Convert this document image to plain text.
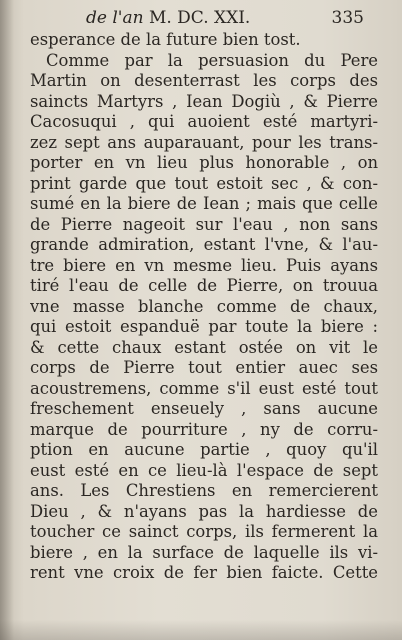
de l'an M. DC. XXI.	335
esperance de la future bien tost.
Comme par la persuasion du Pere
Martin on desenterrast les corps des
saincts Martyrs , Iean Dogiù , & Pierre
Cacosuqui , qui auoient esté martyri-
zez sept ans auparauant, pour les trans-
porter en vn lieu plus honorable , on
print garde que tout estoit sec , & con-
sumé en la biere de Iean ; mais que celle
de Pierre nageoit sur l'eau , non sans
grande admiration, estant l'vne, & l'au-
tre biere en vn mesme lieu. Puis ayans
tiré l'eau de celle de Pierre, on trouua
vne masse blanche comme de chaux,
qui estoit espanduë par toute la biere :
& cette chaux estant ostée on vit le
corps de Pierre tout entier auec ses
acoustremens, comme s'il eust esté tout
freschement enseuely , sans aucune
marque de pourriture , ny de corru-
ption en aucune partie , quoy qu'il
eust esté en ce lieu-là l'espace de sept
ans. Les Chrestiens en remercierent
Dieu , & n'ayans pas la hardiesse de
toucher ce sainct corps, ils fermerent la
biere , en la surface de laquelle ils vi-
rent vne croix de fer bien faicte. Cette
